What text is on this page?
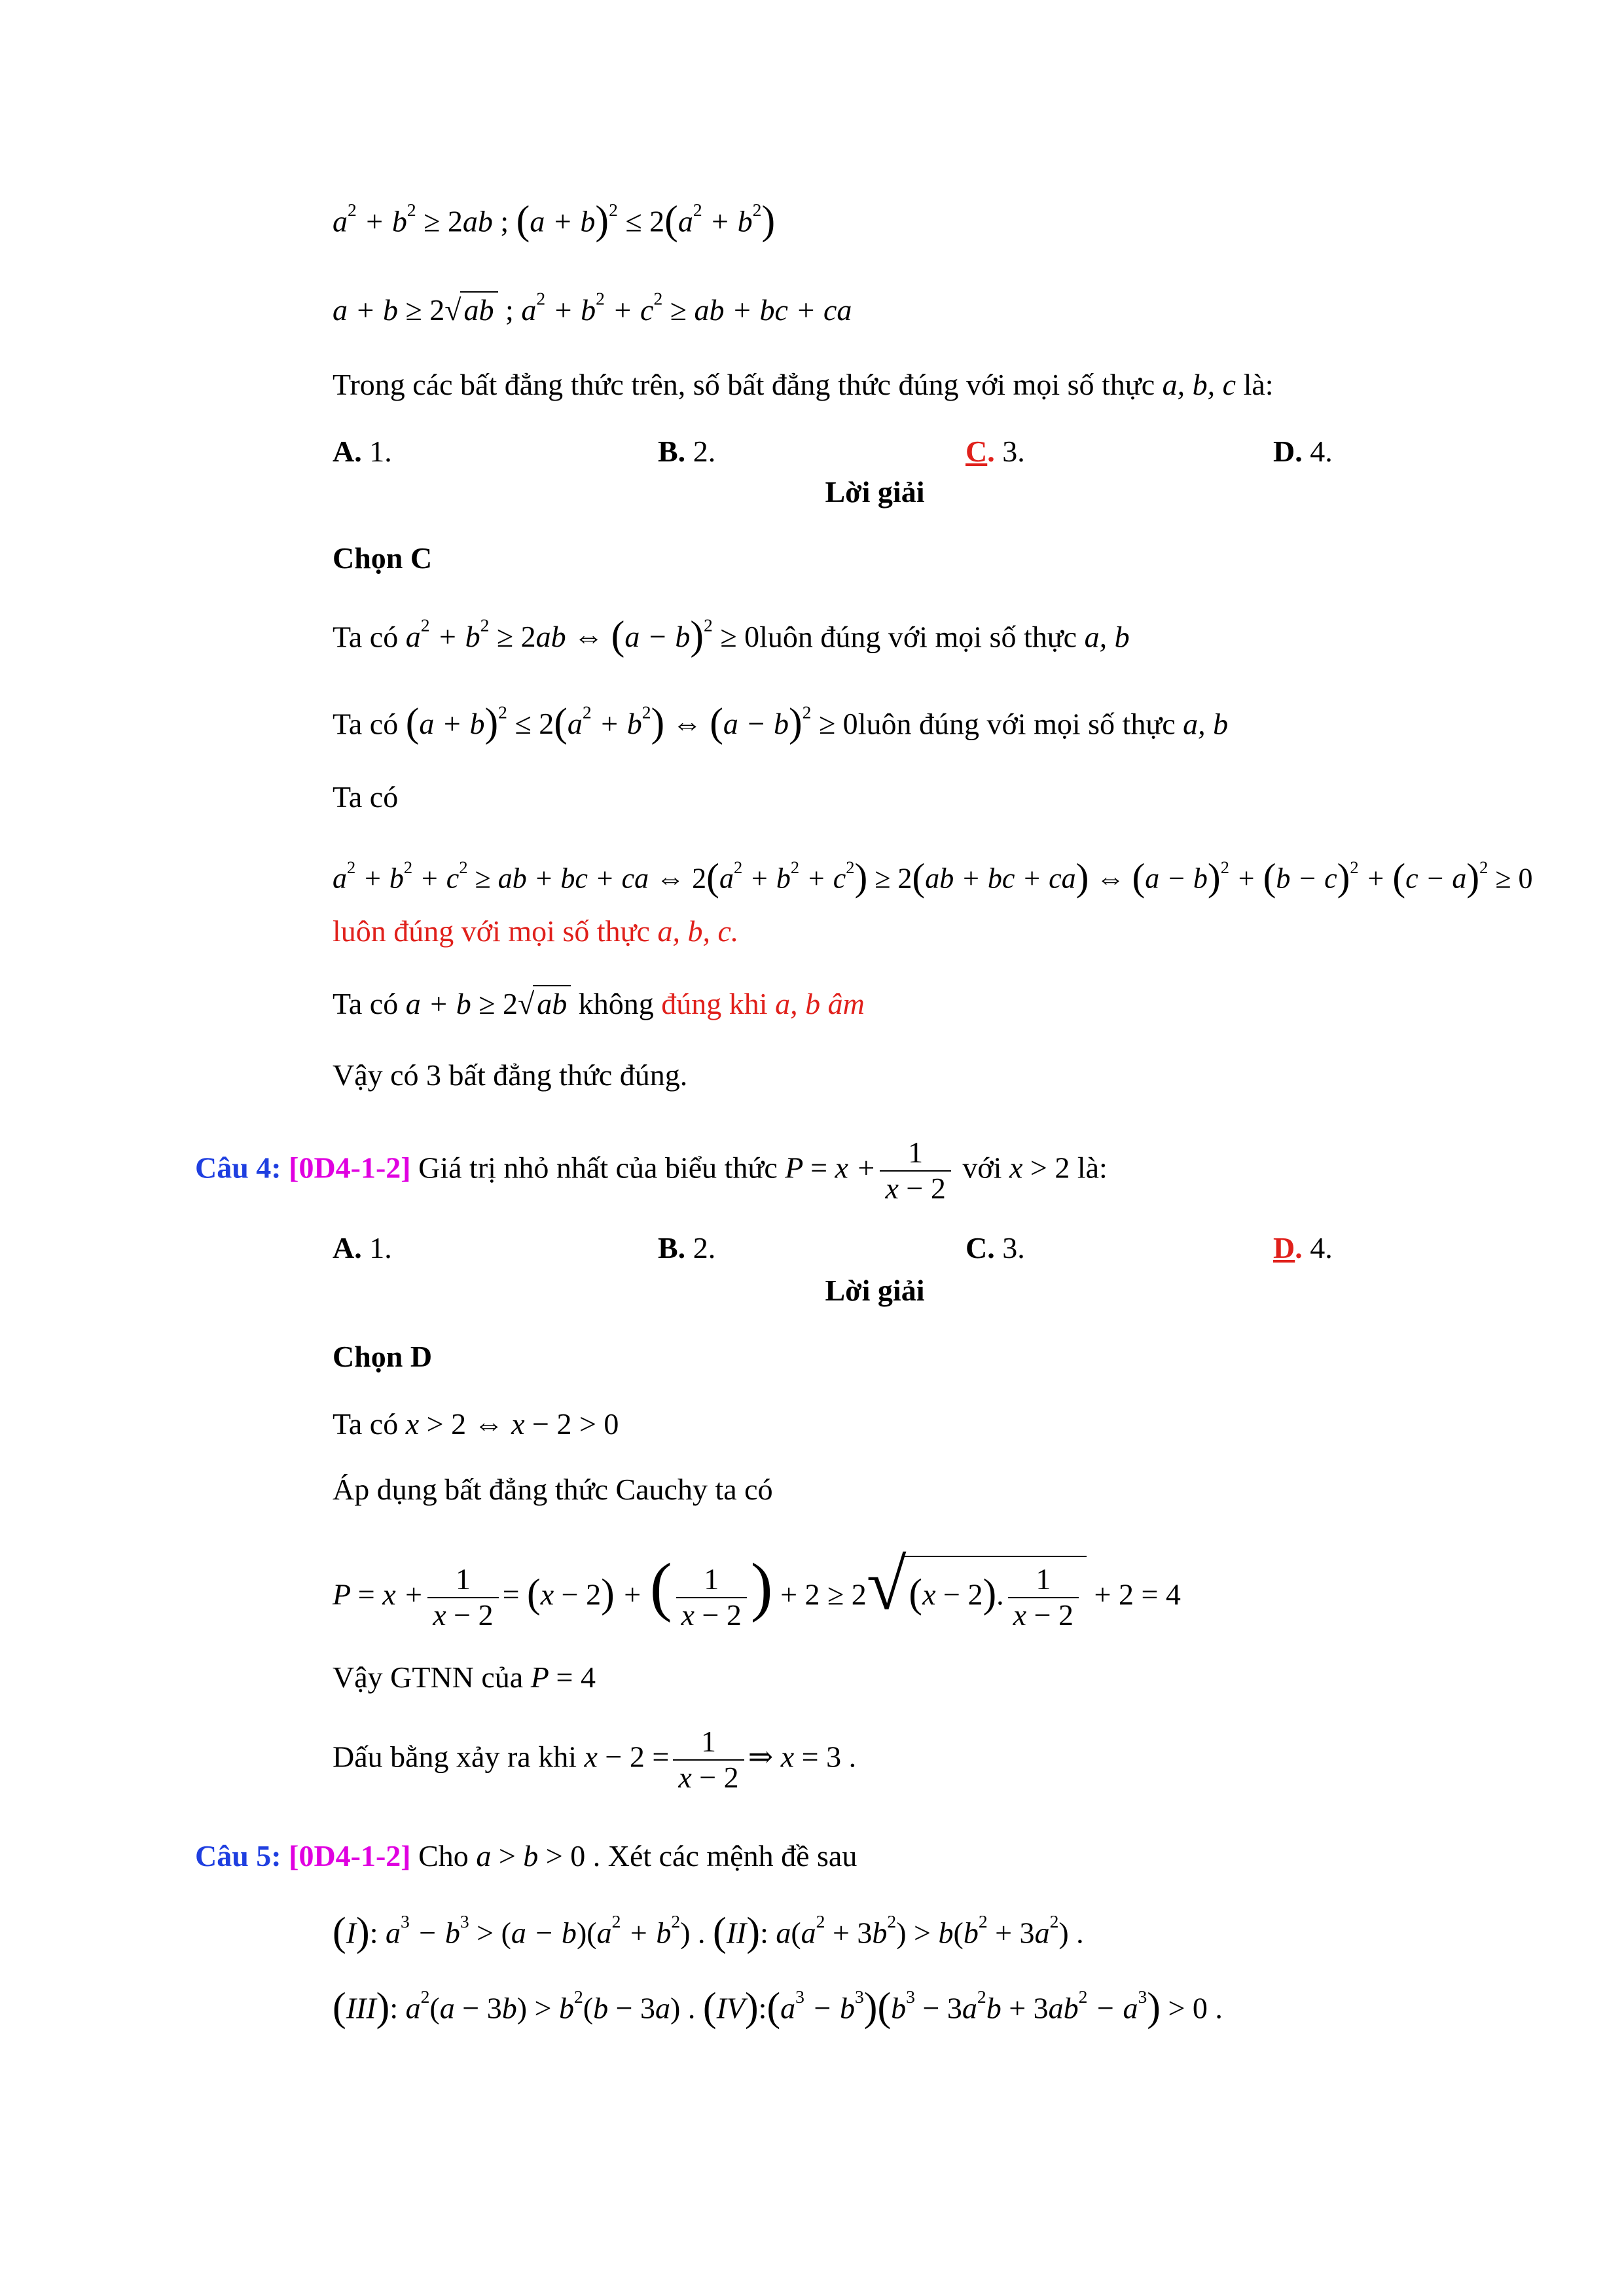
$a^2 + b^2 \ge 2ab$ ; $(a + b)^2 \le 2(a^2 + b^2)$
a + b ≥ 2√ab ; $a^2 + b^2 + c^2$ ≥ ab + bc + ca
Trong các bất đẳng thức trên, số bất đẳng thức đúng với mọi số thực a, b, c là:
A. 1.	B. 2.	C. 3.	D. 4.
Lời giải
Chọn C
Ta có $a^2 + b^2 \ge 2ab$ ⇔ $(a - b)^2$ ≥ 0luôn đúng với mọi số thực a, b
Ta có $(a + b)^2 \le 2(a^2 + b^2)$ ⇔ $(a - b)^2$ ≥ 0luôn đúng với mọi số thực a, b
Ta có
$a^2 + b^2 + c^2$ ≥ ab + bc + ca ⇔ $2(a^2 + b^2 + c^2) \ge 2(ab$ + bc + ca) ⇔ $(a - b)^2 + (b - c)^2 + (c - a)^2 \ge 0$
luôn đúng với mọi số thực a, b, c.
Ta có a + b ≥ 2√ab không đúng khi a, b âm
Vậy có 3 bất đẳng thức đúng.
Câu 4: [0D4-1-2] Giá trị nhỏ nhất của biểu thức $P = x + \frac{1}{x - 2}$ với x > 2 là:
A. 1.	B. 2.	C. 3.	D. 4.
Lời giải
Chọn D
Ta có x > 2 ⇔ x − 2 > 0
Áp dụng bất đẳng thức Cauchy ta có
$P = x + \frac{1}{x - 2} = (x - 2)$ + ( $\frac{1}{x - 2}$ ) + 2 ≥ 2√(x − 2). $\frac{1}{x - 2} + 2 = 4$
Vậy GTNN của P = 4
Dấu bằng xảy ra khi $x - 2 = \frac{1}{x - 2}$ ⇒ x = 3 .
Câu 5: [0D4-1-2] Cho a > b > 0 . Xét các mệnh đề sau
(I): $a^3 - b^3 > (a - b)(a^2 + b^2)$ . (II): $a(a^2 + 3b^2) > b(b^2 + 3a^2)$ .
(III): $a^2(a - 3b) > b^2(b - 3a)$ . $(IV):(a^3 - b^3)(b^3 - 3a^2b + 3ab^2 - a^3) > 0$ .
